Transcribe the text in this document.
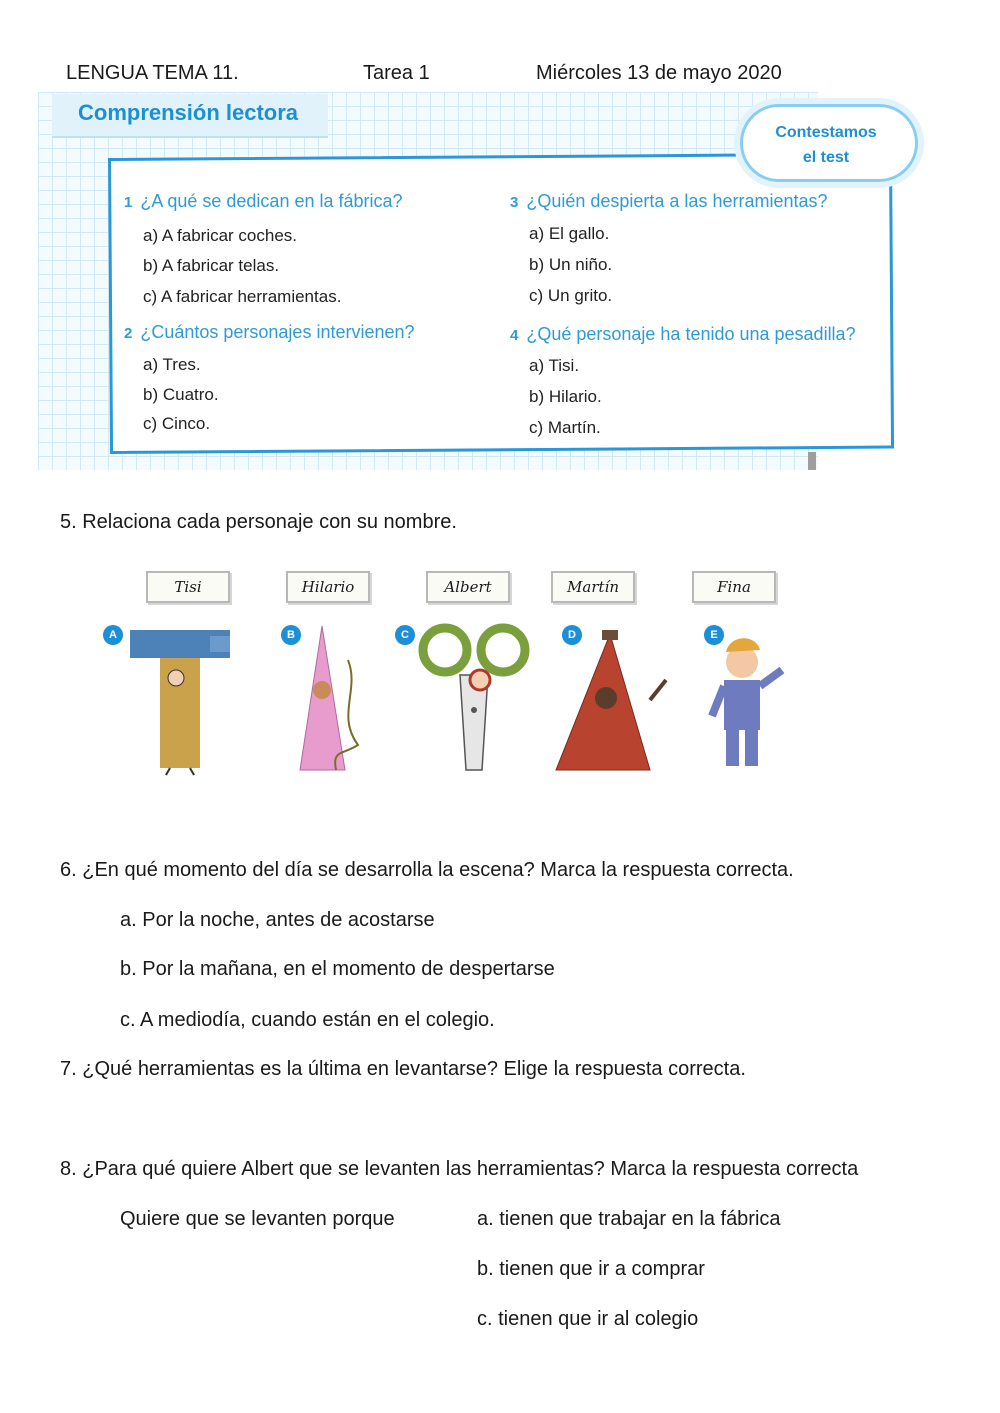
LENGUA TEMA 11.	Tarea 1	Miércoles 13 de mayo 2020
Comprensión lectora
Contestamos
el test
1 ¿A qué se dedican en la fábrica?
a) A fabricar coches.
b) A fabricar telas.
c) A fabricar herramientas.
2 ¿Cuántos personajes intervienen?
a) Tres.
b) Cuatro.
c) Cinco.
3 ¿Quién despierta a las herramientas?
a) El gallo.
b) Un niño.
c) Un grito.
4 ¿Qué personaje ha tenido una pesadilla?
a) Tisi.
b) Hilario.
c) Martín.
5. Relaciona cada personaje con su nombre.
Tisi	Hilario	Albert	Martín	Fina
A	B	C	D	E
6. ¿En qué momento del día se desarrolla la escena? Marca la respuesta correcta.
a. Por la noche, antes de acostarse
b. Por la mañana, en el momento de despertarse
c. A mediodía, cuando están en el colegio.
7. ¿Qué herramientas es la última en levantarse? Elige la respuesta correcta.
8. ¿Para qué quiere Albert que se levanten las herramientas? Marca la respuesta correcta
Quiere que se levanten porque	a. tienen que trabajar en la fábrica
b. tienen que ir a comprar
c. tienen que ir al colegio
